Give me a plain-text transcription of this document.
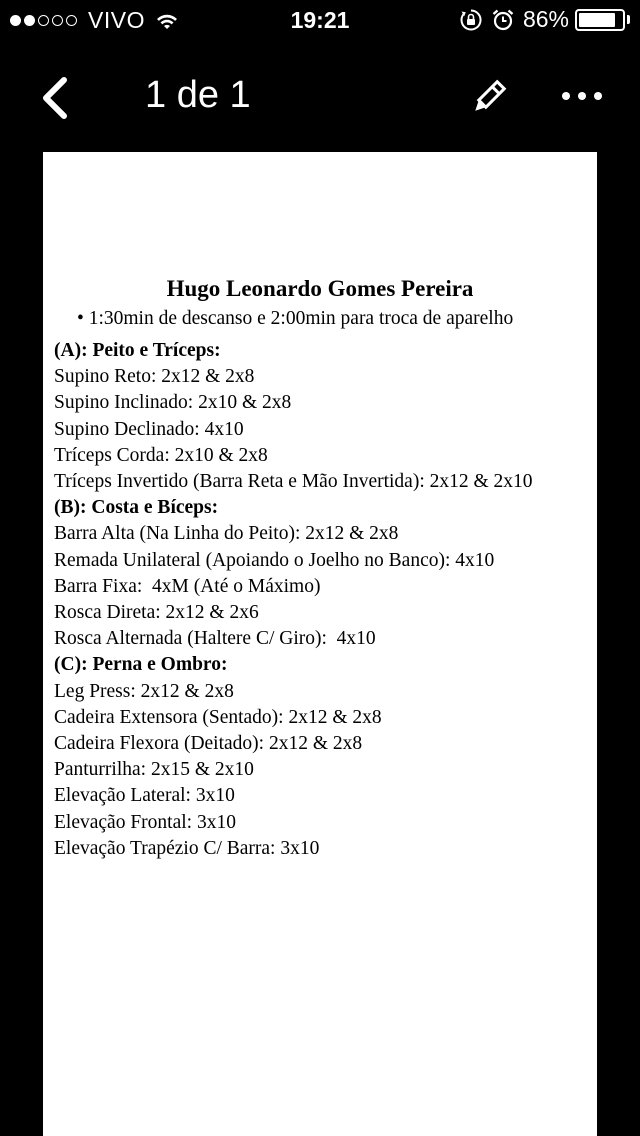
VIVO	19:21	86%
1 de 1
Hugo Leonardo Gomes Pereira
• 1:30min de descanso e 2:00min para troca de aparelho
(A): Peito e Tríceps:
Supino Reto: 2x12 & 2x8
Supino Inclinado: 2x10 & 2x8
Supino Declinado: 4x10
Tríceps Corda: 2x10 & 2x8
Tríceps Invertido (Barra Reta e Mão Invertida): 2x12 & 2x10
(B): Costa e Bíceps:
Barra Alta (Na Linha do Peito): 2x12 & 2x8
Remada Unilateral (Apoiando o Joelho no Banco): 4x10
Barra Fixa:  4xM (Até o Máximo)
Rosca Direta: 2x12 & 2x6
Rosca Alternada (Haltere C/ Giro):  4x10
(C): Perna e Ombro:
Leg Press: 2x12 & 2x8
Cadeira Extensora (Sentado): 2x12 & 2x8
Cadeira Flexora (Deitado): 2x12 & 2x8
Panturrilha: 2x15 & 2x10
Elevação Lateral: 3x10
Elevação Frontal: 3x10
Elevação Trapézio C/ Barra: 3x10
